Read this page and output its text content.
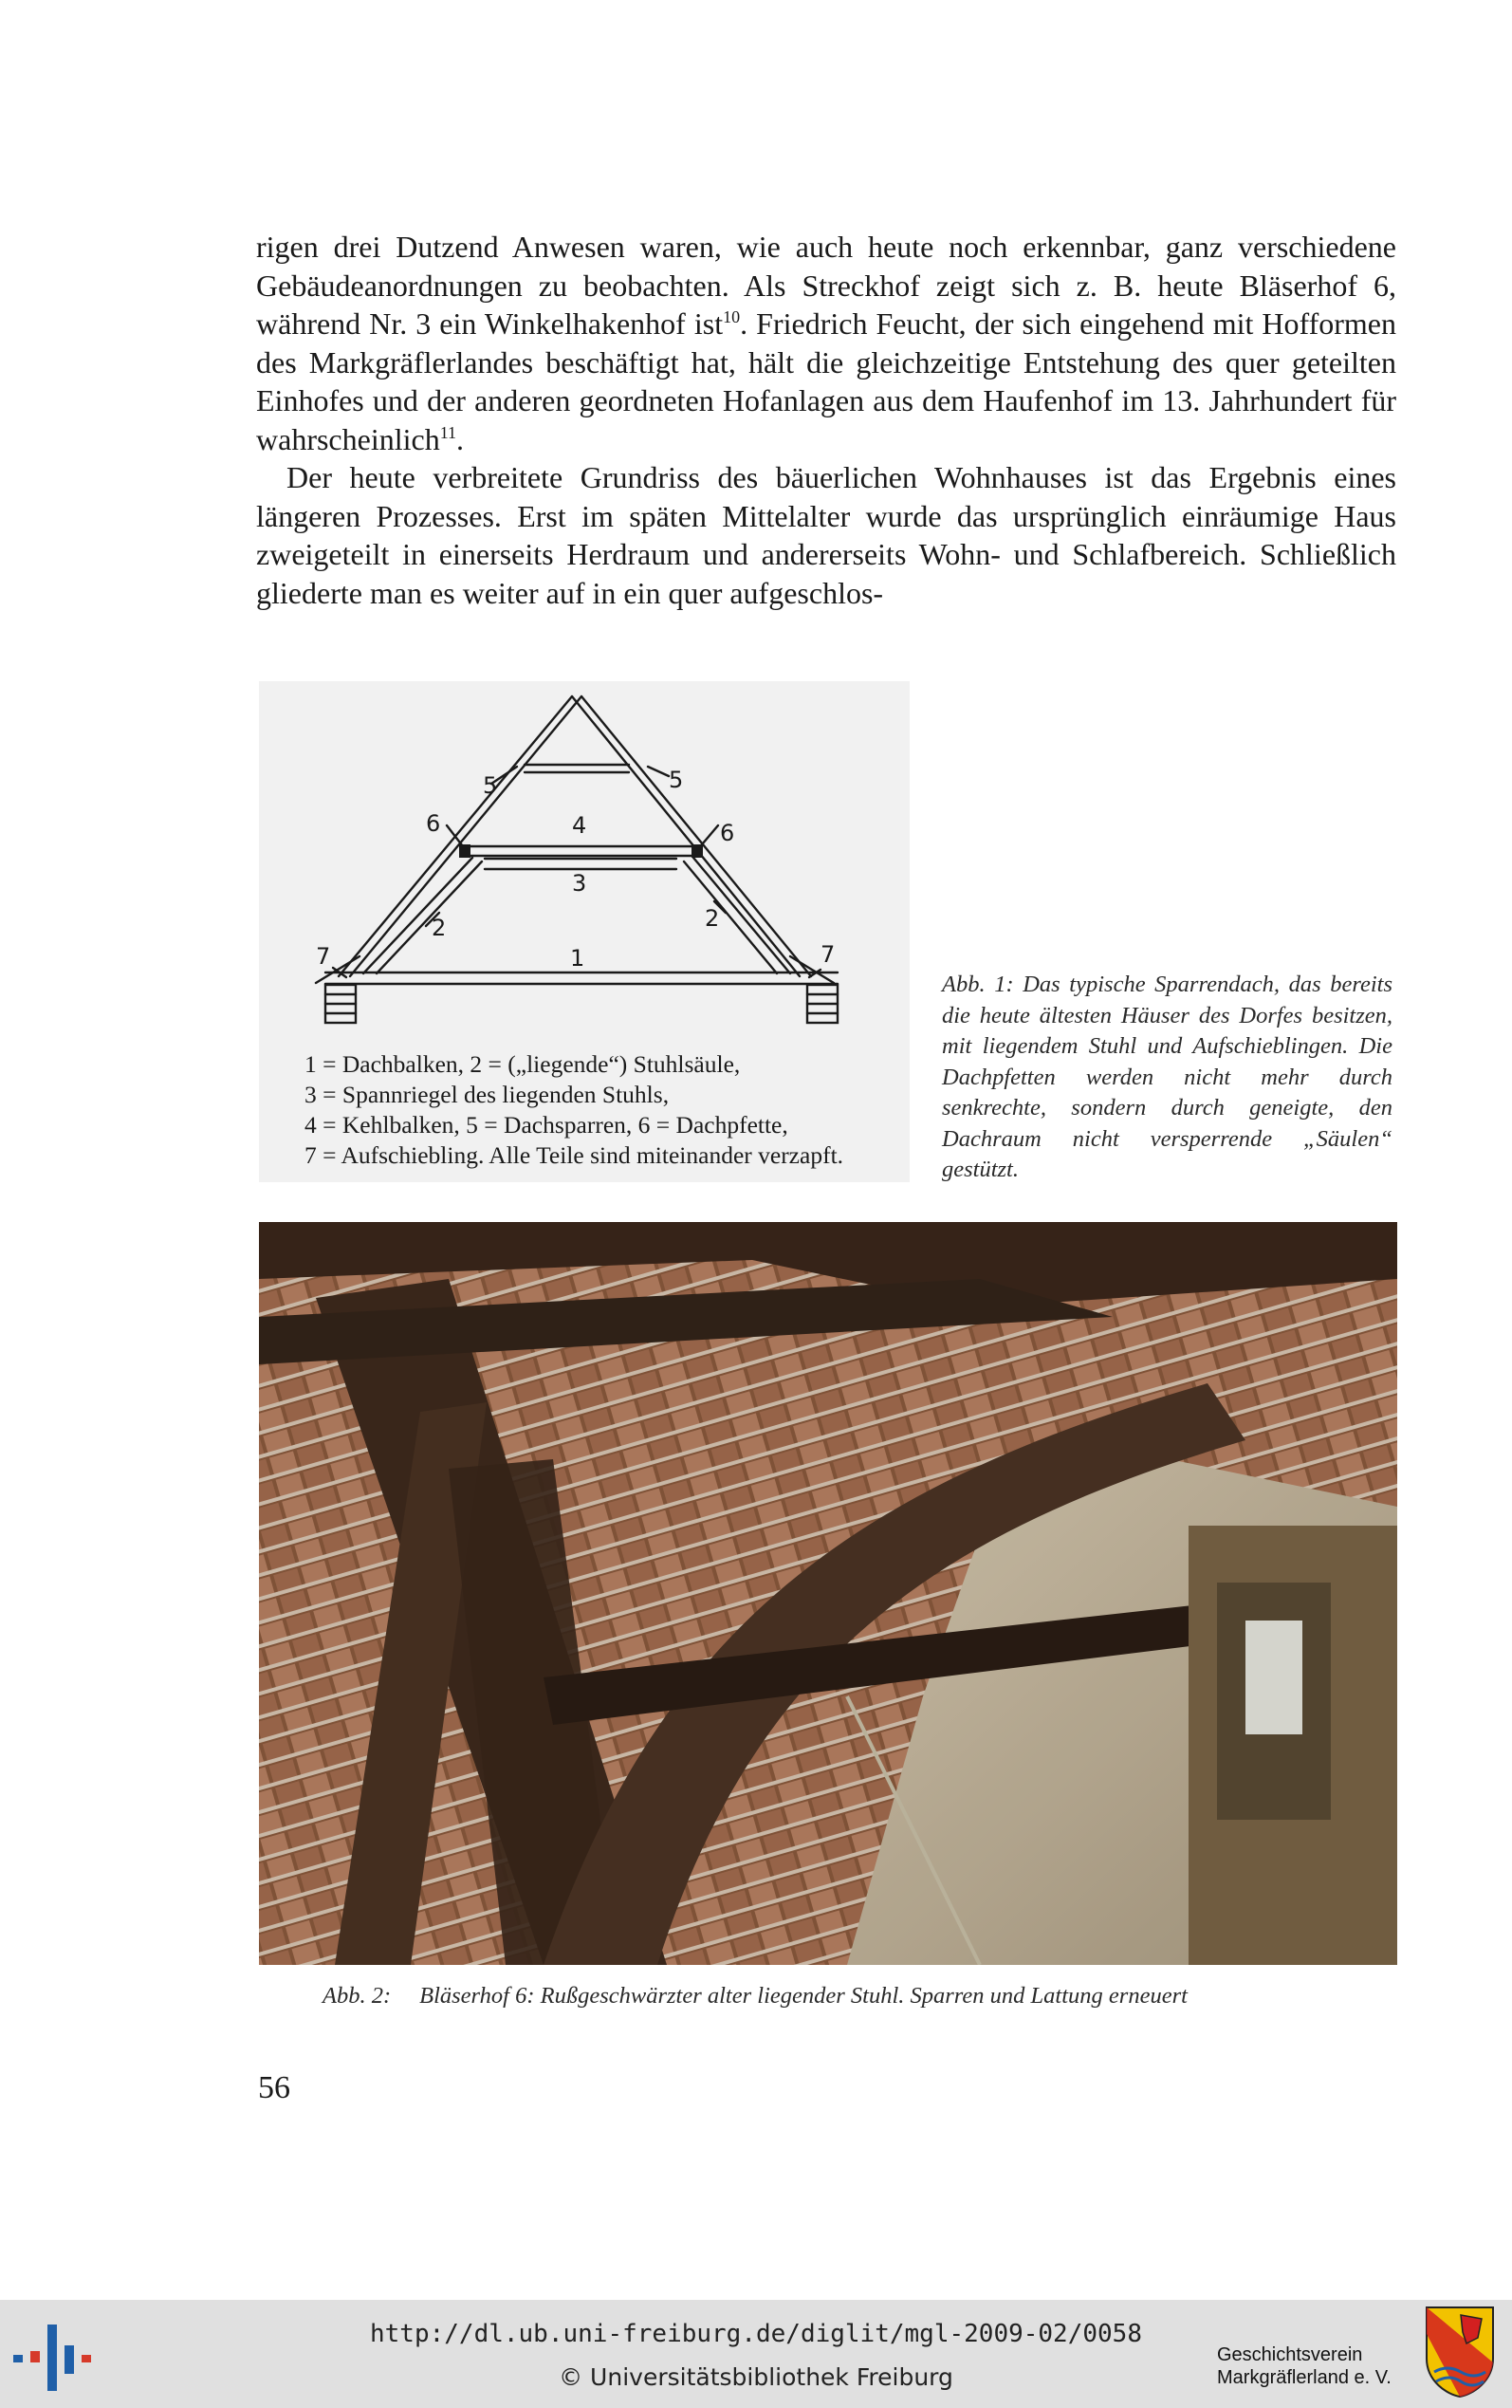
rigen drei Dutzend Anwesen waren, wie auch heute noch erkennbar, ganz verschiedene Gebäudeanordnungen zu beobachten. Als Streckhof zeigt sich z. B. heute Bläserhof 6, während Nr. 3 ein Winkelhakenhof ist$^{10}$. Friedrich Feucht, der sich eingehend mit Hofformen des Markgräflerlandes beschäftigt hat, hält die gleichzeitige Entstehung des quer geteilten Einhofes und der anderen geordneten Hofanlagen aus dem Haufenhof im 13. Jahrhundert für wahrscheinlich$^{11}$.

Der heute verbreitete Grundriss des bäuerlichen Wohnhauses ist das Ergebnis eines längeren Prozesses. Erst im späten Mittelalter wurde das ursprünglich einräumige Haus zweigeteilt in einerseits Herdraum und andererseits Wohn- und Schlafbereich. Schließlich gliederte man es weiter auf in ein quer aufgeschlos-

5	5
6	6
4
3
2	2
1
7	7
1 = Dachbalken, 2 = („liegende“) Stuhlsäule,
3 = Spannriegel des liegenden Stuhls,
4 = Kehlbalken, 5 = Dachsparren, 6 = Dachpfette,
7 = Aufschiebling. Alle Teile sind miteinander verzapft.
Abb. 1: Das typische Sparrendach, das bereits die heute ältesten Häuser des Dorfes besitzen, mit liegendem Stuhl und Aufschieblingen. Die Dachpfetten werden nicht mehr durch senkrechte, sondern durch geneigte, den Dachraum nicht versperrende „Säulen“ gestützt.
Abb. 2: Bläserhof 6: Rußgeschwärzter alter liegender Stuhl. Sparren und Lattung erneuert
56
http://dl.ub.uni-freiburg.de/diglit/mgl-2009-02/0058
© Universitätsbibliothek Freiburg
Geschichtsverein
Markgräflerland e. V.
